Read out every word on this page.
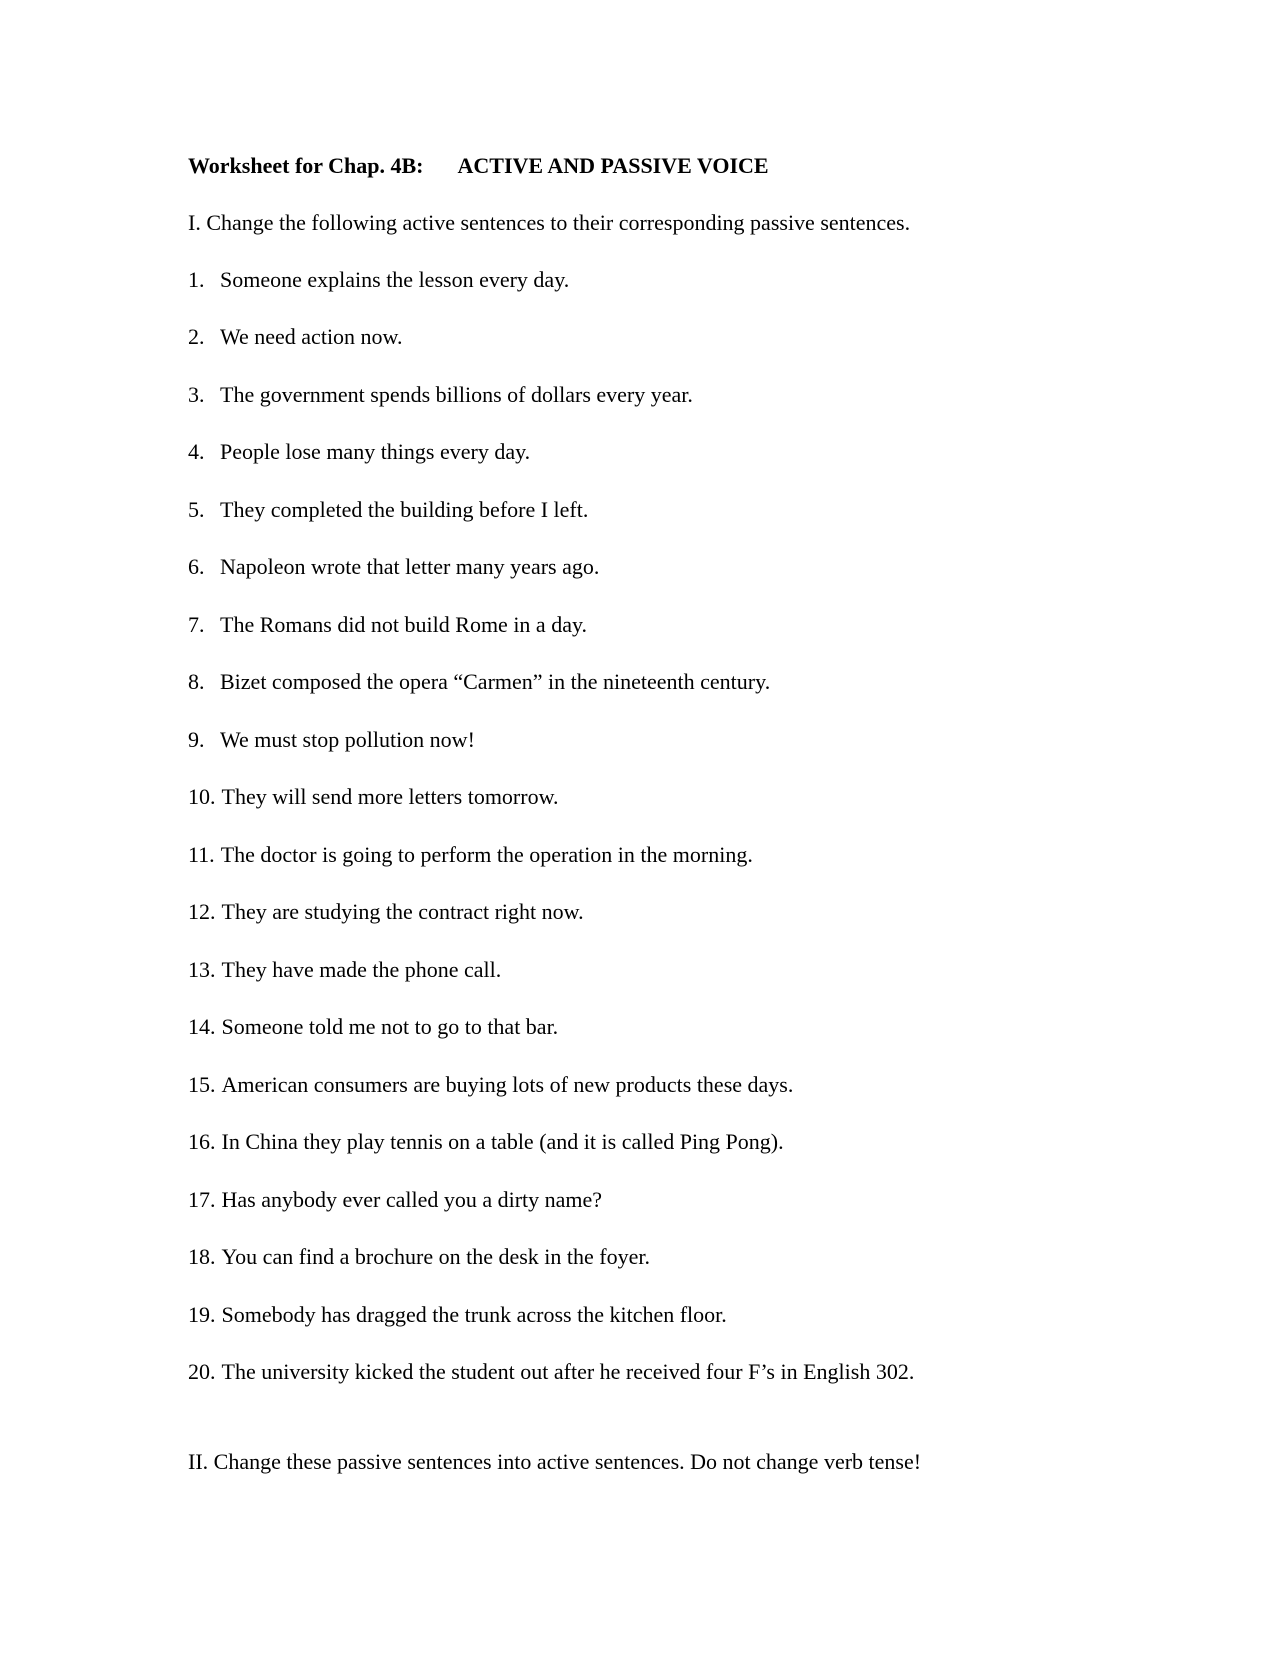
Worksheet for Chap. 4B: ACTIVE AND PASSIVE VOICE
I. Change the following active sentences to their corresponding passive sentences.
1. Someone explains the lesson every day.
2. We need action now.
3. The government spends billions of dollars every year.
4. People lose many things every day.
5. They completed the building before I left.
6. Napoleon wrote that letter many years ago.
7. The Romans did not build Rome in a day.
8. Bizet composed the opera “Carmen” in the nineteenth century.
9. We must stop pollution now!
10. They will send more letters tomorrow.
11. The doctor is going to perform the operation in the morning.
12. They are studying the contract right now.
13. They have made the phone call.
14. Someone told me not to go to that bar.
15. American consumers are buying lots of new products these days.
16. In China they play tennis on a table (and it is called Ping Pong).
17. Has anybody ever called you a dirty name?
18. You can find a brochure on the desk in the foyer.
19. Somebody has dragged the trunk across the kitchen floor.
20. The university kicked the student out after he received four F’s in English 302.
II. Change these passive sentences into active sentences. Do not change verb tense!
